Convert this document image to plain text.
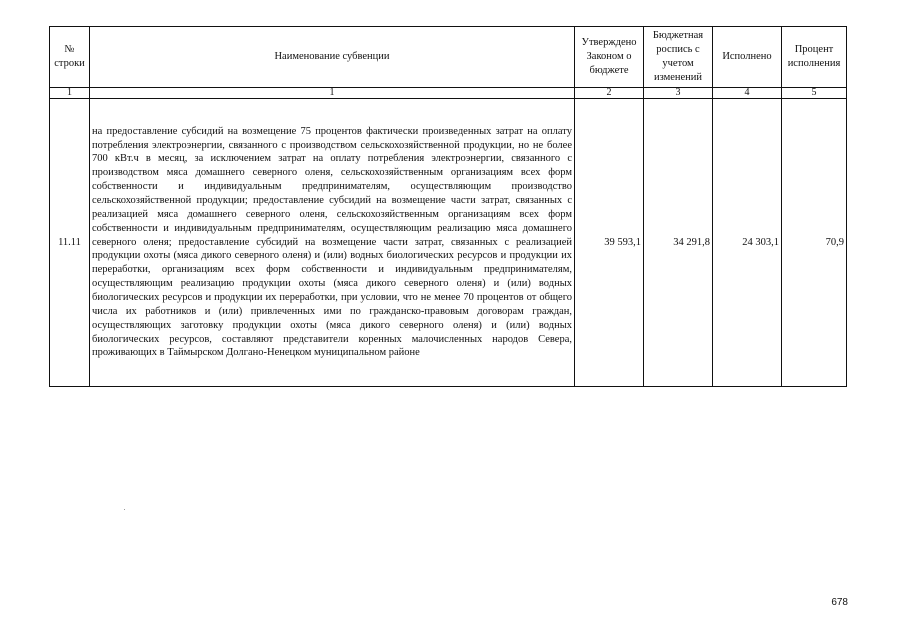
№ строки	Наименование субвенции	Утверждено Законом о бюджете	Бюджетная роспись с учетом изменений	Исполнено	Процент исполнения
1	1	2	3	4	5
11.11	на предоставление субсидий на возмещение 75 процентов фактически произведенных затрат на оплату потребления электроэнергии, связанного с производством сельскохозяйственной продукции, но не более 700 кВт.ч в месяц, за исключением затрат на оплату потребления электроэнергии, связанного с производством мяса домашнего северного оленя, сельскохозяйственным организациям всех форм собственности и индивидуальным предпринимателям, осуществляющим производство сельскохозяйственной продукции; предоставление субсидий на возмещение части затрат, связанных с реализацией мяса домашнего северного оленя, сельскохозяйственным организациям всех форм собственности и индивидуальным предпринимателям, осуществляющим реализацию мяса домашнего северного оленя; предоставление субсидий на возмещение части затрат, связанных с реализацией продукции охоты (мяса дикого северного оленя) и (или) водных биологических ресурсов и продукции их переработки, организациям всех форм собственности и индивидуальным предпринимателям, осуществляющим реализацию продукции охоты (мяса дикого северного оленя) и (или) водных биологических ресурсов и продукции их переработки, при условии, что не менее 70 процентов от общего числа их работников и (или) привлеченных ими по гражданско-правовым договорам граждан, осуществляющих заготовку продукции охоты (мяса дикого северного оленя) и (или) водных биологических ресурсов, составляют представители коренных малочисленных народов Севера, проживающих в Таймырском Долгано-Ненецком муниципальном районе	39 593,1	34 291,8	24 303,1	70,9
678
